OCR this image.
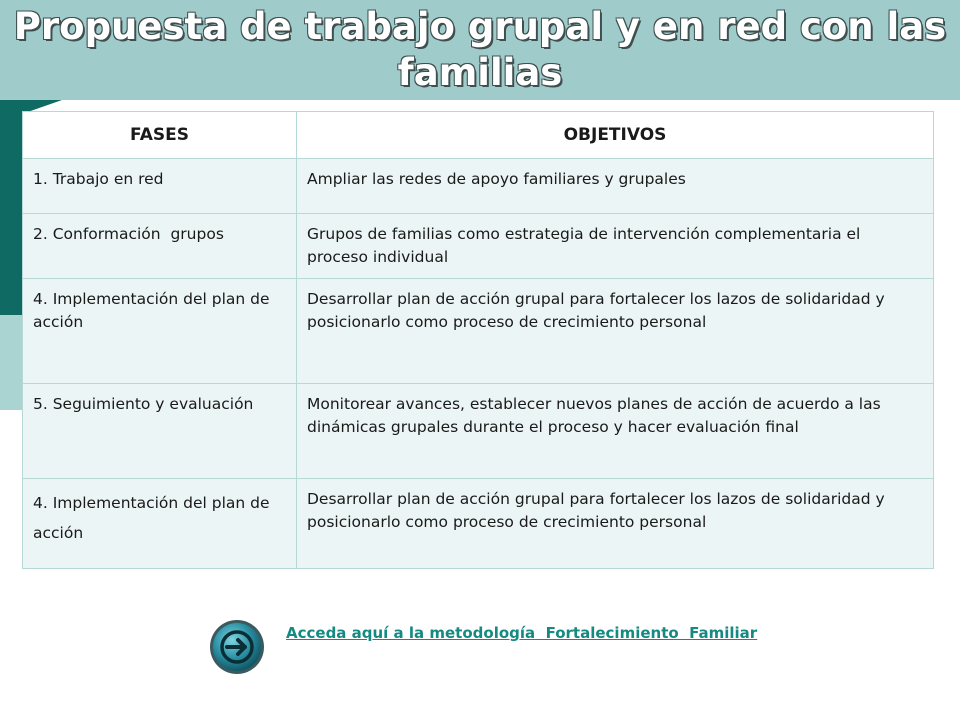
Propuesta de trabajo grupal y en red con las familias
FASES	OBJETIVOS
1. Trabajo en red	Ampliar las redes de apoyo familiares y grupales
2. Conformación  grupos	Grupos de familias como estrategia de intervención complementaria el proceso individual
4. Implementación del plan de acción	Desarrollar plan de acción grupal para fortalecer los lazos de solidaridad y posicionarlo como proceso de crecimiento personal
5. Seguimiento y evaluación	Monitorear avances, establecer nuevos planes de acción de acuerdo a las dinámicas grupales durante el proceso y hacer evaluación final
4. Implementación del plan de acción	Desarrollar plan de acción grupal para fortalecer los lazos de solidaridad y posicionarlo como proceso de crecimiento personal
Acceda aquí a la metodología  Fortalecimiento  Familiar
